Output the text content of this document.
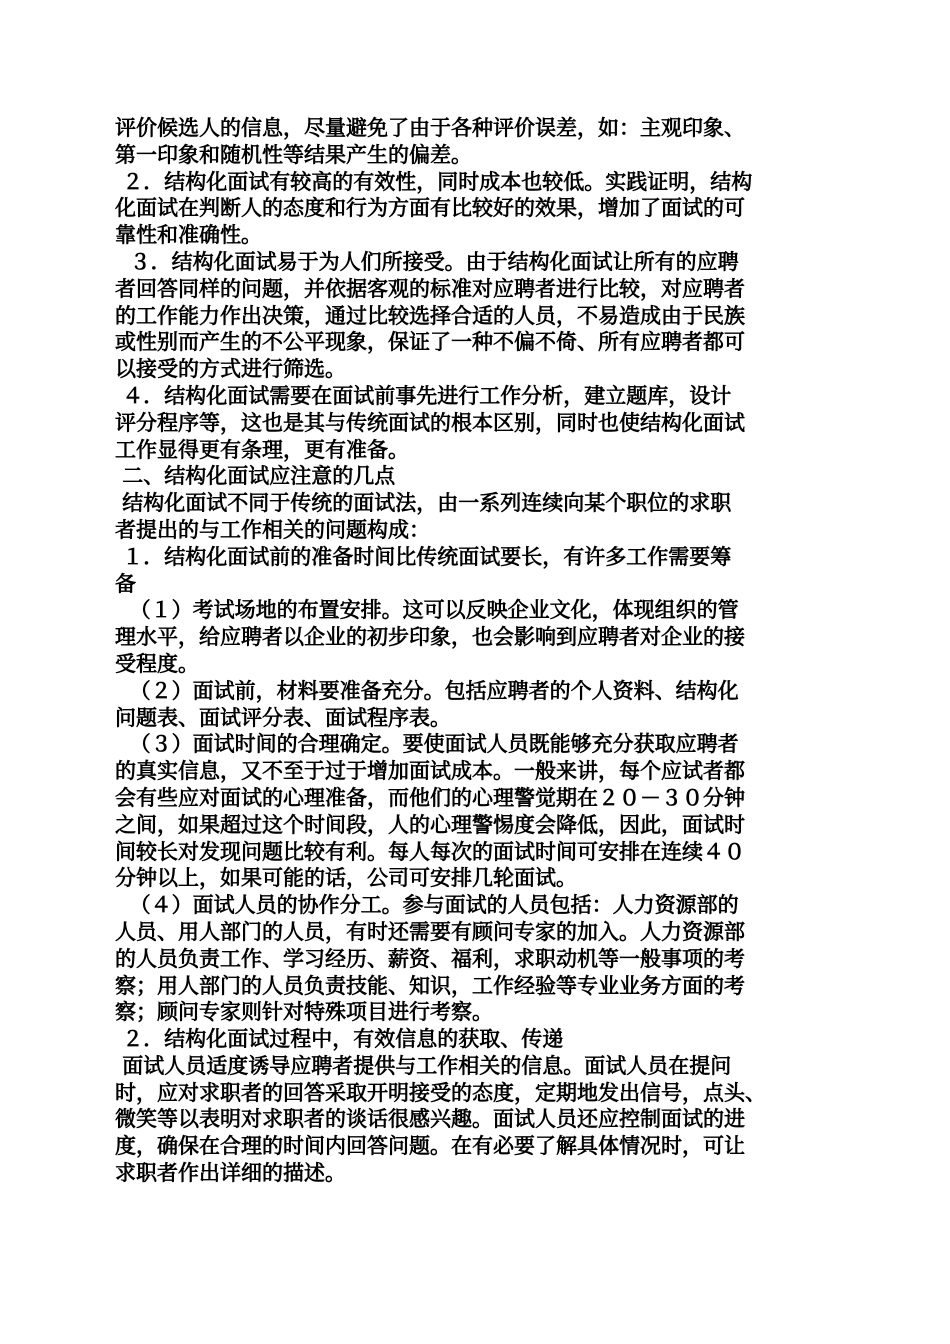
评价候选人的信息，尽量避免了由于各种评价误差，如：主观印象、
第一印象和随机性等结果产生的偏差。
２．结构化面试有较高的有效性，同时成本也较低。实践证明，结构
化面试在判断人的态度和行为方面有比较好的效果，增加了面试的可
靠性和准确性。
３．结构化面试易于为人们所接受。由于结构化面试让所有的应聘
者回答同样的问题，并依据客观的标准对应聘者进行比较，对应聘者
的工作能力作出决策，通过比较选择合适的人员，不易造成由于民族
或性别而产生的不公平现象，保证了一种不偏不倚、所有应聘者都可
以接受的方式进行筛选。
４．结构化面试需要在面试前事先进行工作分析，建立题库，设计
评分程序等，这也是其与传统面试的根本区别，同时也使结构化面试
工作显得更有条理，更有准备。
二、结构化面试应注意的几点
结构化面试不同于传统的面试法，由一系列连续向某个职位的求职
者提出的与工作相关的问题构成：
１．结构化面试前的准备时间比传统面试要长，有许多工作需要筹
备
（１）考试场地的布置安排。这可以反映企业文化，体现组织的管
理水平，给应聘者以企业的初步印象，也会影响到应聘者对企业的接
受程度。
（２）面试前，材料要准备充分。包括应聘者的个人资料、结构化
问题表、面试评分表、面试程序表。
（３）面试时间的合理确定。要使面试人员既能够充分获取应聘者
的真实信息，又不至于过于增加面试成本。一般来讲，每个应试者都
会有些应对面试的心理准备，而他们的心理警觉期在２０－３０分钟
之间，如果超过这个时间段，人的心理警惕度会降低，因此，面试时
间较长对发现问题比较有利。每人每次的面试时间可安排在连续４０
分钟以上，如果可能的话，公司可安排几轮面试。
（４）面试人员的协作分工。参与面试的人员包括：人力资源部的
人员、用人部门的人员，有时还需要有顾问专家的加入。人力资源部
的人员负责工作、学习经历、薪资、福利，求职动机等一般事项的考
察；用人部门的人员负责技能、知识，工作经验等专业业务方面的考
察；顾问专家则针对特殊项目进行考察。
２．结构化面试过程中，有效信息的获取、传递
面试人员适度诱导应聘者提供与工作相关的信息。面试人员在提问
时，应对求职者的回答采取开明接受的态度，定期地发出信号，点头、
微笑等以表明对求职者的谈话很感兴趣。面试人员还应控制面试的进
度，确保在合理的时间内回答问题。在有必要了解具体情况时，可让
求职者作出详细的描述。
